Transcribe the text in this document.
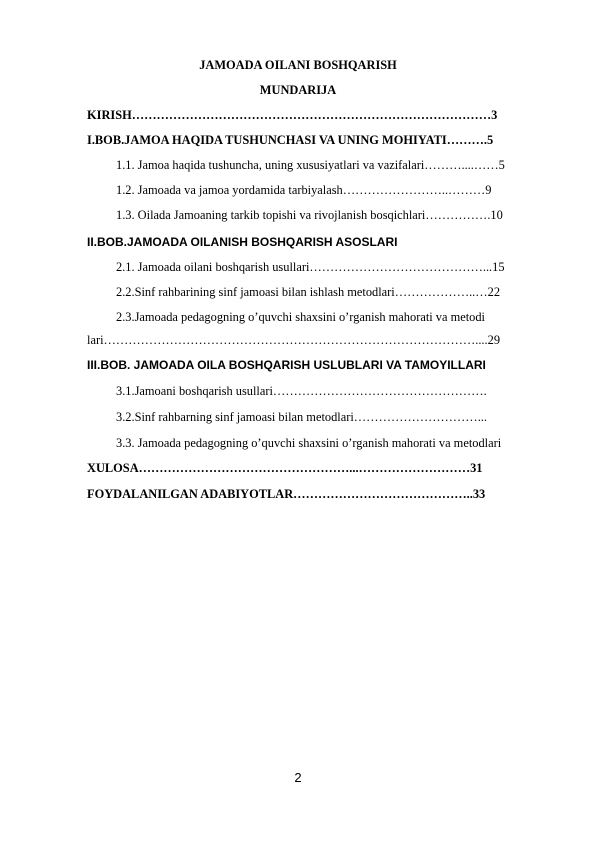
JAMOADA OILANI BOSHQARISH
MUNDARIJA
KIRISH……………………………………………………………………………3
I.BOB.JAMOA HAQIDA TUSHUNCHASI VA UNING MOHIYATI……….5
1.1. Jamoa haqida tushuncha, uning xususiyatlari va vazifalari………....……5
1.2. Jamoada va jamoa yordamida tarbiyalash……………………..………9
1.3. Oilada Jamoaning tarkib topishi va rivojlanish bosqichlari…………….10
II.BOB.JAMOADA OILANISH BOSHQARISH ASOSLARI
2.1. Jamoada oilani boshqarish usullari……………………………………...15
2.2.Sinf rahbarining sinf jamoasi bilan ishlash metodlari………………..…22
2.3.Jamoada pedagogning o’quvchi shaxsini o’rganish mahorati va metodi
lari………………………………………………………………………………....29
III.BOB. JAMOADA OILA BOSHQARISH USLUBLARI VA TAMOYILLARI
3.1.Jamoani boshqarish usullari…………………………………………….
3.2.Sinf rahbarning sinf jamoasi bilan metodlari…………………………...
3.3. Jamoada pedagogning o’quvchi shaxsini o’rganish mahorati va metodlari
XULOSA……………………………………………...………………………31
FOYDALANILGAN ADABIYOTLAR……………………………………..33
2
